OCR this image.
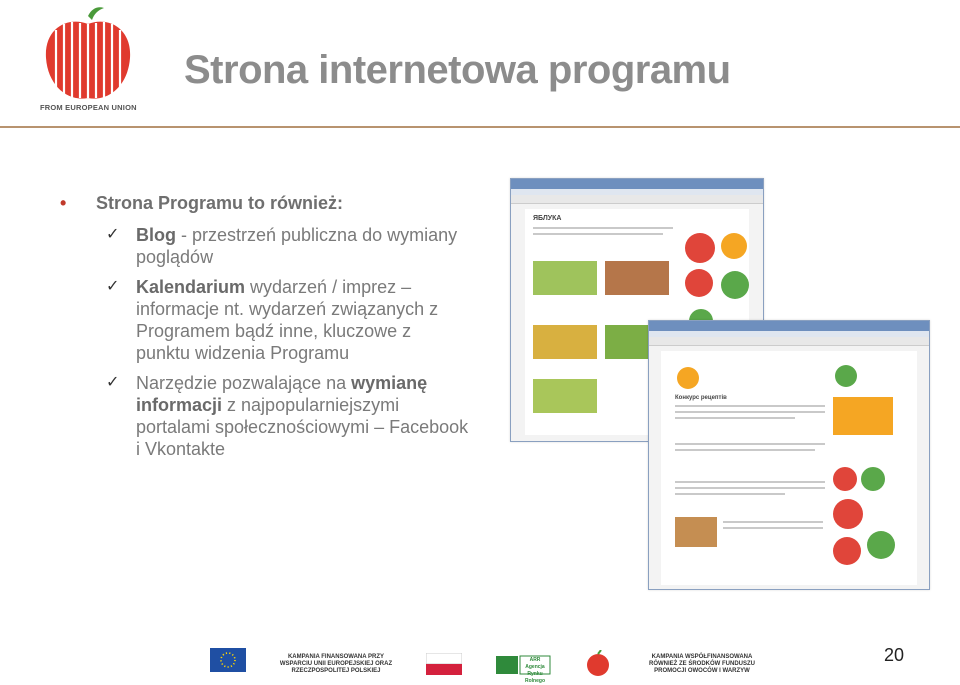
FROM EUROPEAN UNION
Strona internetowa programu
• Strona Programu to również:
✓ Blog - przestrzeń publiczna do wymiany poglądów
✓ Kalendarium wydarzeń / imprez – informacje nt. wydarzeń związanych z Programem bądź inne, kluczowe z punktu widzenia Programu
✓ Narzędzie pozwalające na wymianę informacji z najpopularniejszymi portalami społecznościowymi – Facebook i Vkontakte
ЯБЛУКА
Конкурс рецептів
KAMPANIA FINANSOWANA PRZY WSPARCIU UNII EUROPEJSKIEJ ORAZ RZECZPOSPOLITEJ POLSKIEJ
ARR Agencja Rynku Rolnego
KAMPANIA WSPÓŁFINANSOWANA RÓWNIEŻ ZE ŚRODKÓW FUNDUSZU PROMOCJI OWOCÓW I WARZYW
20
